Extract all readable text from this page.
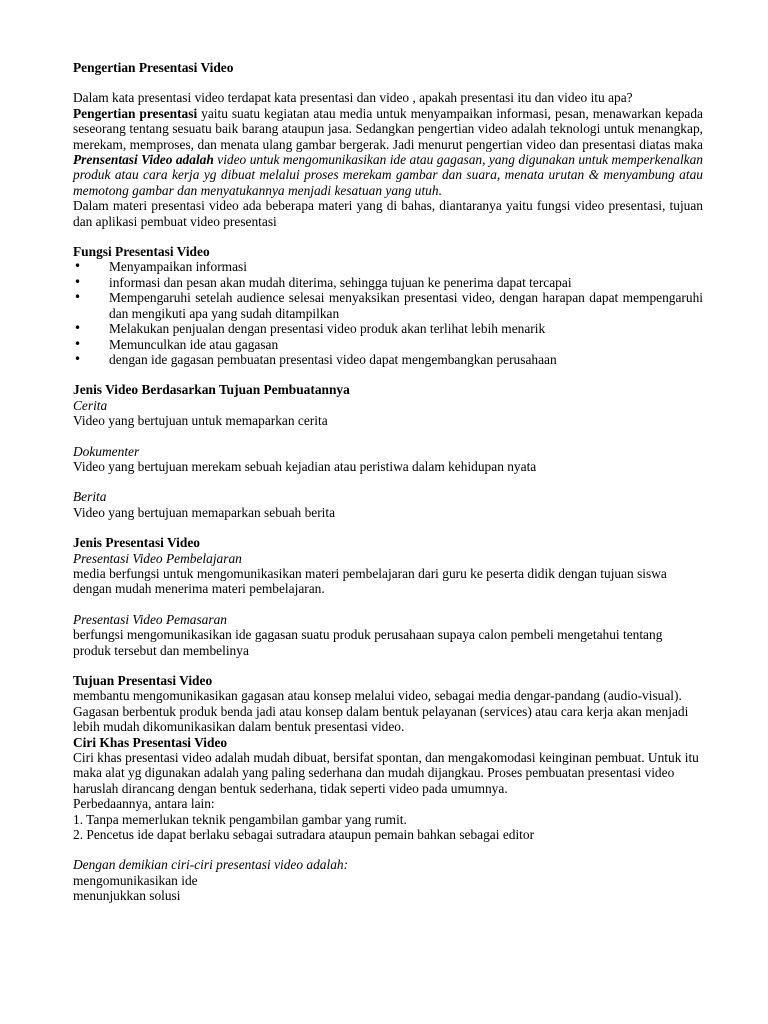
Pengertian Presentasi Video

Dalam kata presentasi video terdapat kata presentasi dan video , apakah presentasi itu dan video itu apa?

Pengertian presentasi yaitu suatu kegiatan atau media untuk menyampaikan informasi, pesan, menawarkan kepada seseorang tentang sesuatu baik barang ataupun jasa. Sedangkan pengertian video adalah teknologi untuk menangkap, merekam, memproses, dan menata ulang gambar bergerak. Jadi menurut pengertian video dan presentasi diatas maka Prensentasi Video adalah video untuk mengomunikasikan ide atau gagasan, yang digunakan untuk memperkenalkan produk atau cara kerja yg dibuat melalui proses merekam gambar dan suara, menata urutan & menyambung atau memotong gambar dan menyatukannya menjadi kesatuan yang utuh.

Dalam materi presentasi video ada beberapa materi yang di bahas, diantaranya yaitu fungsi video presentasi, tujuan dan aplikasi pembuat video presentasi

Fungsi Presentasi Video

• Menyampaikan informasi
• informasi dan pesan akan mudah diterima, sehingga tujuan ke penerima dapat tercapai
• Mempengaruhi setelah audience selesai menyaksikan presentasi video, dengan harapan dapat mempengaruhi dan mengikuti apa yang sudah ditampilkan
• Melakukan penjualan dengan presentasi video produk akan terlihat lebih menarik
• Memunculkan ide atau gagasan
• dengan ide gagasan pembuatan presentasi video dapat mengembangkan perusahaan

Jenis Video Berdasarkan Tujuan Pembuatannya

Cerita

Video yang bertujuan untuk memaparkan cerita

Dokumenter

Video yang bertujuan merekam sebuah kejadian atau peristiwa dalam kehidupan nyata

Berita

Video yang bertujuan memaparkan sebuah berita

Jenis Presentasi Video

Presentasi Video Pembelajaran

media berfungsi untuk mengomunikasikan materi pembelajaran dari guru ke peserta didik dengan tujuan siswa dengan mudah menerima materi pembelajaran.

Presentasi Video Pemasaran

berfungsi mengomunikasikan ide gagasan suatu produk perusahaan supaya calon pembeli mengetahui tentang produk tersebut dan membelinya

Tujuan Presentasi Video

membantu mengomunikasikan gagasan atau konsep melalui video, sebagai media dengar-pandang (audio-visual). Gagasan berbentuk produk benda jadi atau konsep dalam bentuk pelayanan (services) atau cara kerja akan menjadi lebih mudah dikomunikasikan dalam bentuk presentasi video.

Ciri Khas Presentasi Video

Ciri khas presentasi video adalah mudah dibuat, bersifat spontan, dan mengakomodasi keinginan pembuat. Untuk itu maka alat yg digunakan adalah yang paling sederhana dan mudah dijangkau. Proses pembuatan presentasi video haruslah dirancang dengan bentuk sederhana, tidak seperti video pada umumnya.

Perbedaannya, antara lain:

1. Tanpa memerlukan teknik pengambilan gambar yang rumit.

2. Pencetus ide dapat berlaku sebagai sutradara ataupun pemain bahkan sebagai editor

Dengan demikian ciri-ciri presentasi video adalah:

mengomunikasikan ide

menunjukkan solusi
